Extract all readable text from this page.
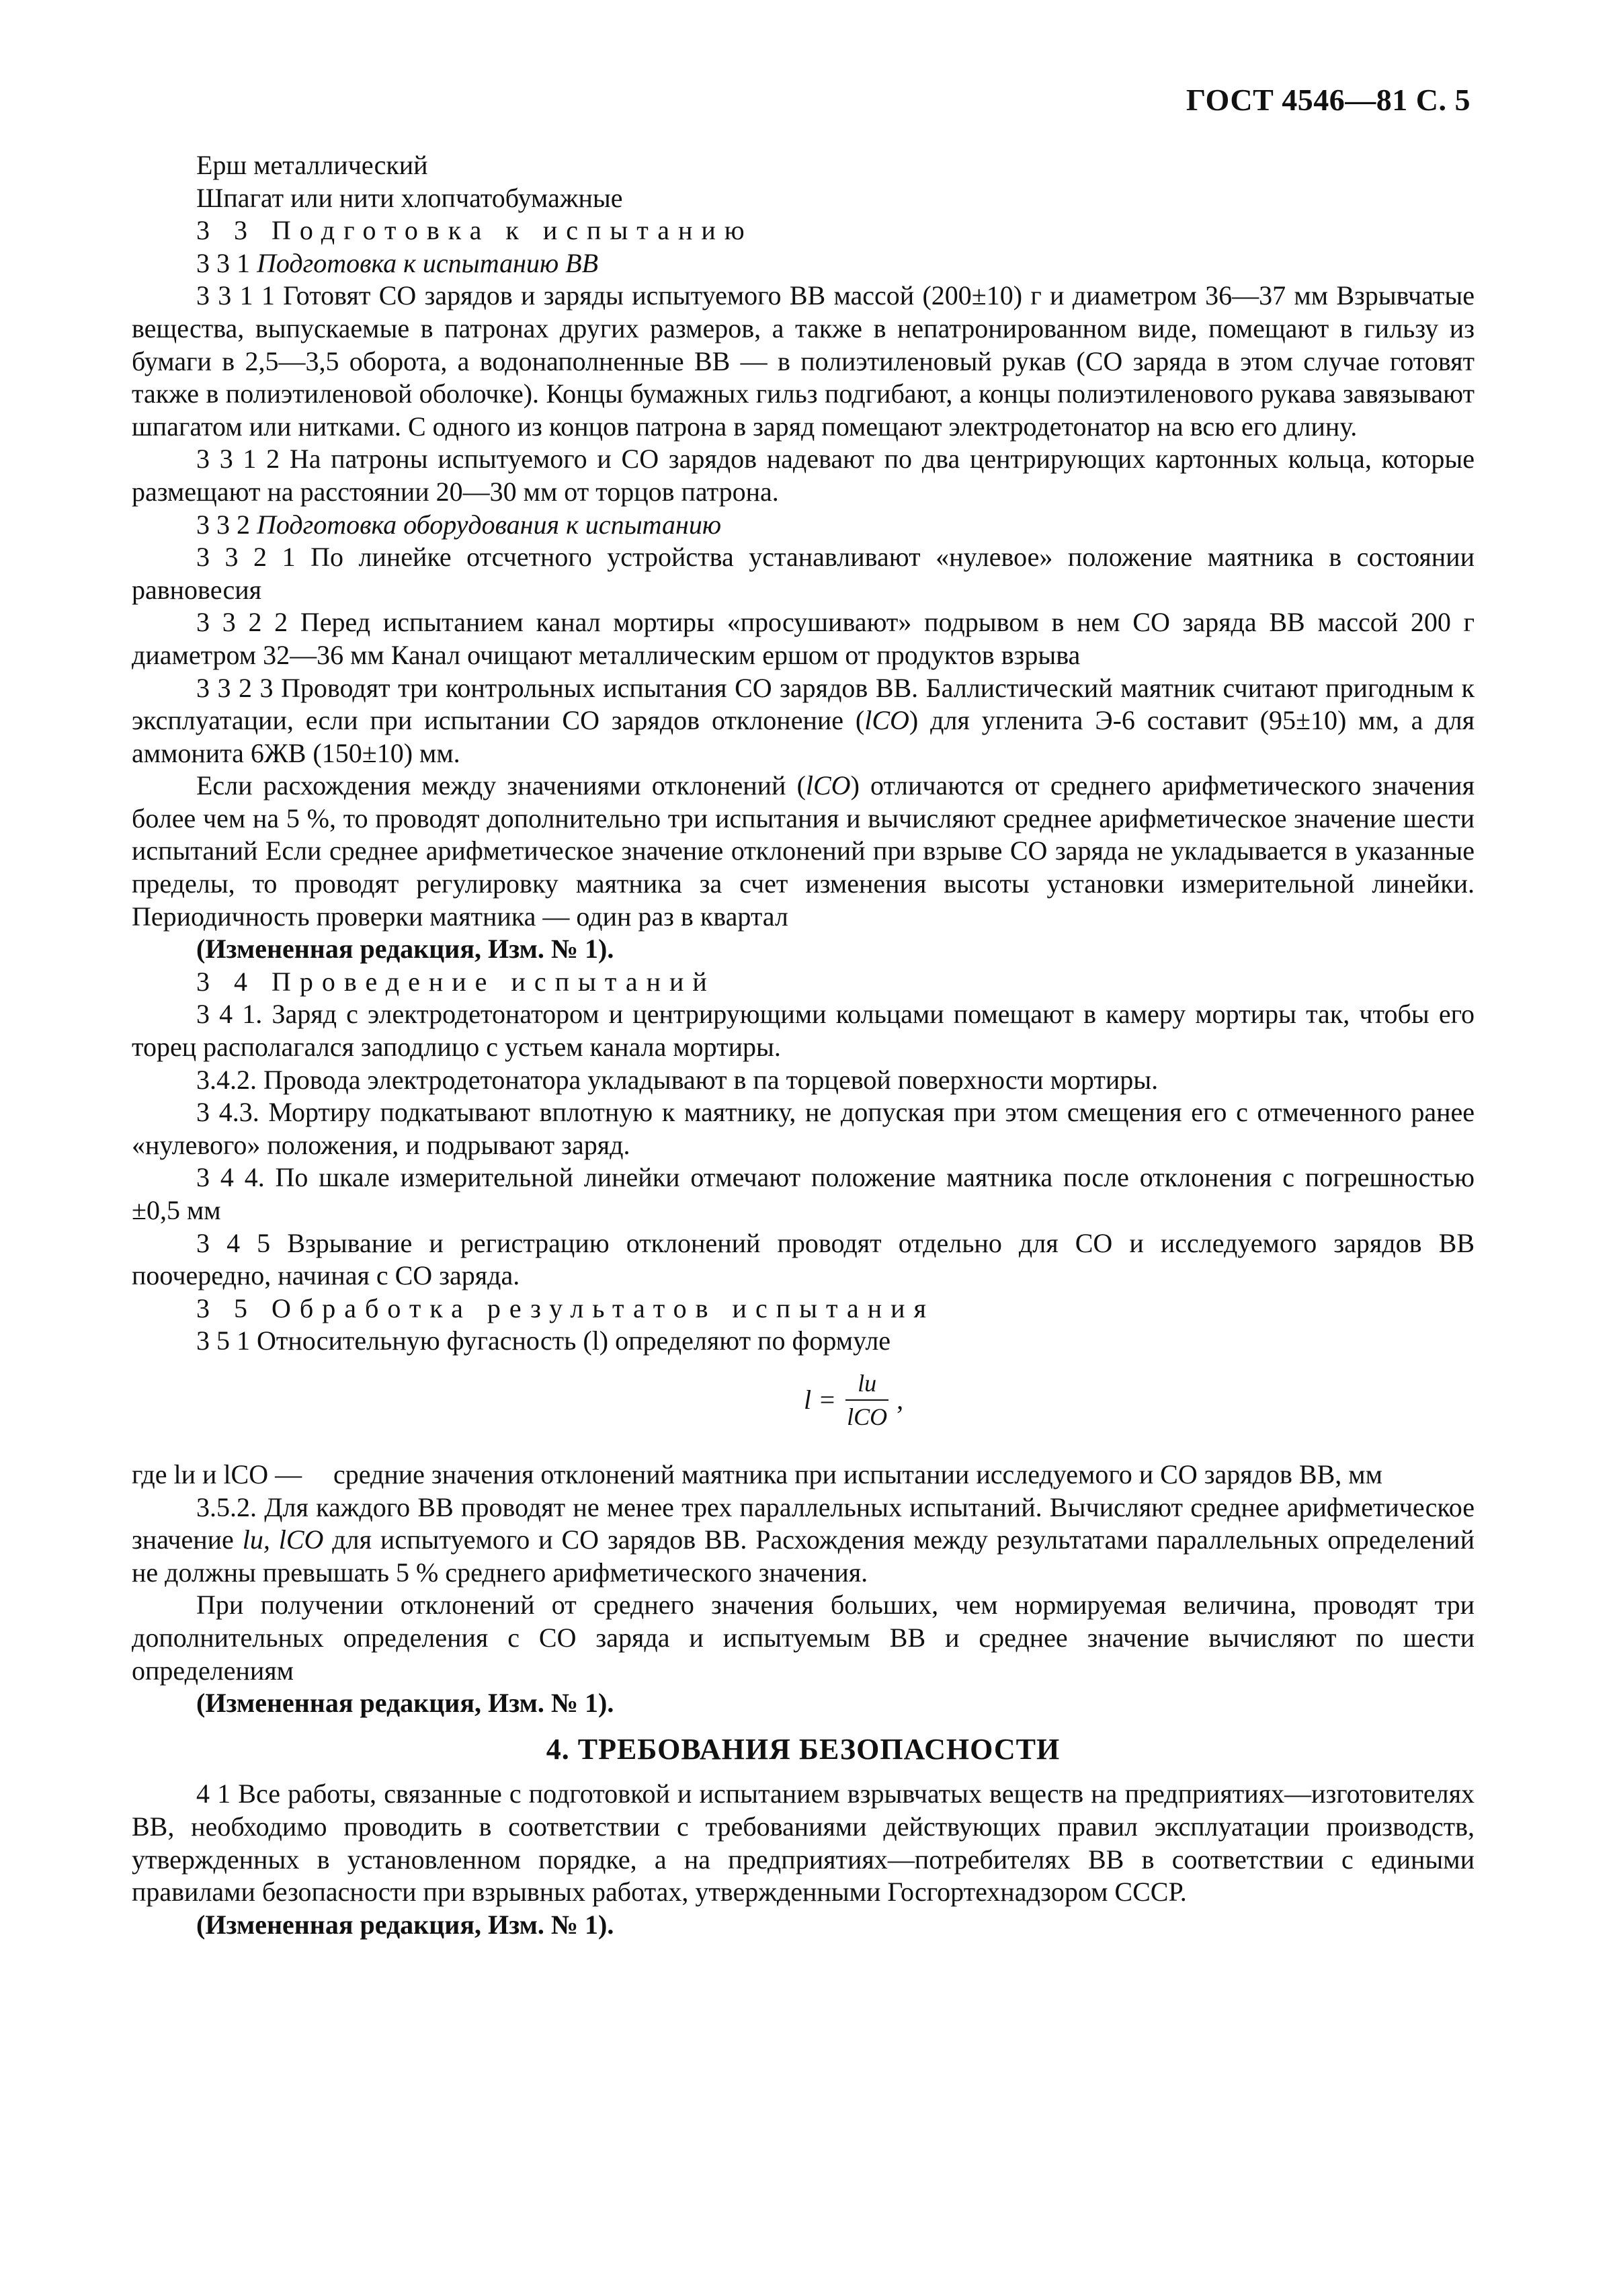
ГОСТ 4546—81 С. 5

Ерш металлический

Шпагат или нити хлопчатобумажные

3 3 Подготовка к испытанию

3 3 1 Подготовка к испытанию ВВ

3 3 1 1 Готовят СО зарядов и заряды испытуемого ВВ массой (200±10) г и диаметром 36—37 мм Взрывчатые вещества, выпускаемые в патронах других размеров, а также в непатронированном виде, помещают в гильзу из бумаги в 2,5—3,5 оборота, а водонаполненные ВВ — в полиэтиленовый рукав (СО заряда в этом случае готовят также в полиэтиленовой оболочке). Концы бумажных гильз подгибают, а концы полиэтиленового рукава завязывают шпагатом или нитками. С одного из концов патрона в заряд помещают электродетонатор на всю его длину.

3 3 1 2 На патроны испытуемого и СО зарядов надевают по два центрирующих картонных кольца, которые размещают на расстоянии 20—30 мм от торцов патрона.

3 3 2 Подготовка оборудования к испытанию

3 3 2 1 По линейке отсчетного устройства устанавливают «нулевое» положение маятника в состоянии равновесия

3 3 2 2 Перед испытанием канал мортиры «просушивают» подрывом в нем СО заряда ВВ массой 200 г диаметром 32—36 мм Канал очищают металлическим ершом от продуктов взрыва

3 3 2 3 Проводят три контрольных испытания СО зарядов ВВ. Баллистический маятник считают пригодным к эксплуатации, если при испытании СО зарядов отклонение (lCO) для угленита Э-6 составит (95±10) мм, а для аммонита 6ЖВ (150±10) мм.

Если расхождения между значениями отклонений (lCO) отличаются от среднего арифметического значения более чем на 5 %, то проводят дополнительно три испытания и вычисляют среднее арифметическое значение шести испытаний Если среднее арифметическое значение отклонений при взрыве СО заряда не укладывается в указанные пределы, то проводят регулировку маятника за счет изменения высоты установки измерительной линейки. Периодичность проверки маятника — один раз в квартал

(Измененная редакция, Изм. № 1).

3 4 Проведение испытаний

3 4 1. Заряд с электродетонатором и центрирующими кольцами помещают в камеру мортиры так, чтобы его торец располагался заподлицо с устьем канала мортиры.

3.4.2. Провода электродетонатора укладывают в па торцевой поверхности мортиры.

3 4.3. Мортиру подкатывают вплотную к маятнику, не допуская при этом смещения его с отмеченного ранее «нулевого» положения, и подрывают заряд.

3 4 4. По шкале измерительной линейки отмечают положение маятника после отклонения с погрешностью ±0,5 мм

3 4 5 Взрывание и регистрацию отклонений проводят отдельно для СО и исследуемого зарядов ВВ поочередно, начиная с СО заряда.

3 5 Обработка результатов испытания

3 5 1 Относительную фугасность (l) определяют по формуле

l =
lи
lCO
,
где lи и lCO —	средние значения отклонений маятника при испытании исследуемого и СО зарядов ВВ, мм

3.5.2. Для каждого ВВ проводят не менее трех параллельных испытаний. Вычисляют среднее арифметическое значение lи, lCO для испытуемого и СО зарядов ВВ. Расхождения между результатами параллельных определений не должны превышать 5 % среднего арифметического значения.

При получении отклонений от среднего значения больших, чем нормируемая величина, проводят три дополнительных определения с СО заряда и испытуемым ВВ и среднее значение вычисляют по шести определениям

(Измененная редакция, Изм. № 1).

4. ТРЕБОВАНИЯ БЕЗОПАСНОСТИ

4 1 Все работы, связанные с подготовкой и испытанием взрывчатых веществ на предприятиях—изготовителях ВВ, необходимо проводить в соответствии с требованиями действующих правил эксплуатации производств, утвержденных в установленном порядке, а на предприятиях—потребителях ВВ в соответствии с едиными правилами безопасности при взрывных работах, утвержденными Госгортехнадзором СССР.

(Измененная редакция, Изм. № 1).
